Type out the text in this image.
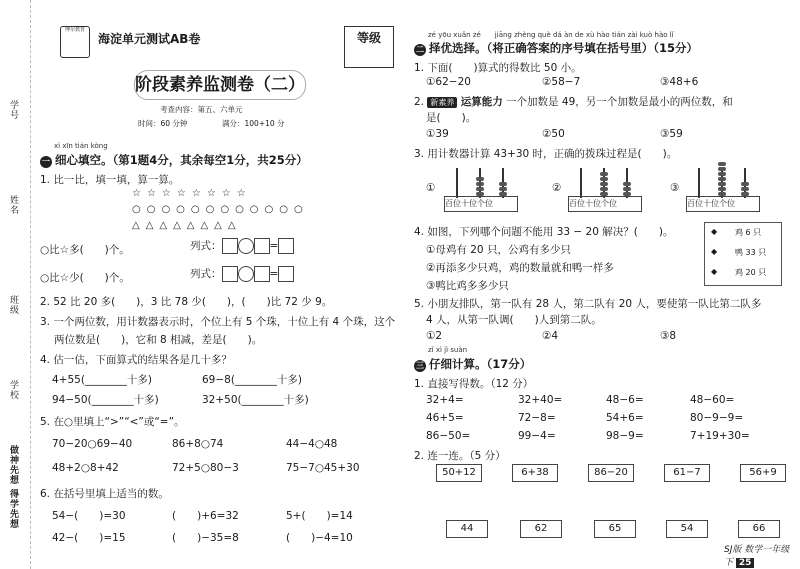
学号
姓名
班级
学校
做神先想 得学先想
博尔教育
海淀单元测试AB卷	等级
阶段素养监测卷（二）
考查内容：第五、六单元
时间：60 分钟	满分：100+10 分
xì xīn tián kòng
一 细心填空。（第1题4分，其余每空1分，共25分）
1. 比一比，填一填，算一算。
☆☆☆☆☆☆☆☆
○○○○○○○○○○○○
△△△△△△△△
○比☆多(　　)个。	列式：	=
○比☆少(　　)个。	列式：	=
2. 52 比 20 多(　　)，3 比 78 少(　　)，(　　)比 72 少 9。
3. 一个两位数，用计数器表示时，个位上有 5 个珠，十位上有 4 个珠，这个
两位数是(　　)，它和 8 相减，差是(　　)。
4. 估一估，下面算式的结果各是几十多？
4+55(________十多)	69−8(________十多)
94−50(________十多)	32+50(________十多)
5. 在○里填上“>”“<”或“=”。
70−20○69−40	86+8○74	44−4○48
48+2○8+42	72+5○80−3	75−7○45+30
6. 在括号里填上适当的数。
54−(　　)=30	(　　)+6=32	5+(　　)=14
42−(　　)=15	(　　)−35=8	(　　)−4=10
zé yōu xuǎn zé　　jiāng zhèng què dá àn de xù hào tián zài kuò hào lǐ
二 择优选择。（将正确答案的序号填在括号里）（15分）
1. 下面(　　)算式的得数比 50 小。
①62−20	②58−7	③48+6
2. 新素养 运算能力 一个加数是 49，另一个加数是最小的两位数，和
是(　　)。
①39	②50	③59
3. 用计数器计算 43+30 时，正确的拨珠过程是(　　)。
①	②	③
百位十位个位	百位十位个位	百位十位个位
4. 如图，下列哪个问题不能用 33 − 20 解决？(　　)。
①母鸡有 20 只，公鸡有多少只
②再添多少只鸡，鸡的数量就和鸭一样多
③鸭比鸡多多少只
鸡 6 只
鸭 33 只
鸡 20 只
◆
◆
◆
5. 小朋友排队，第一队有 28 人，第二队有 20 人，要使第一队比第二队多
4 人，从第一队调(　　)人到第二队。
①2	②4	③8
zǐ xì jì suàn
三 仔细计算。（17分）
1. 直接写得数。（12 分）
32+4=	32+40=	48−6=	48−60=
46+5=	72−8=	54+6=	80−9−9=
86−50=	99−4=	98−9=	7+19+30=
2. 连一连。（5 分）
50+12	6+38	86−20	61−7	56+9
44	62	65	54	66
SJ版 数学一年级 下 25
